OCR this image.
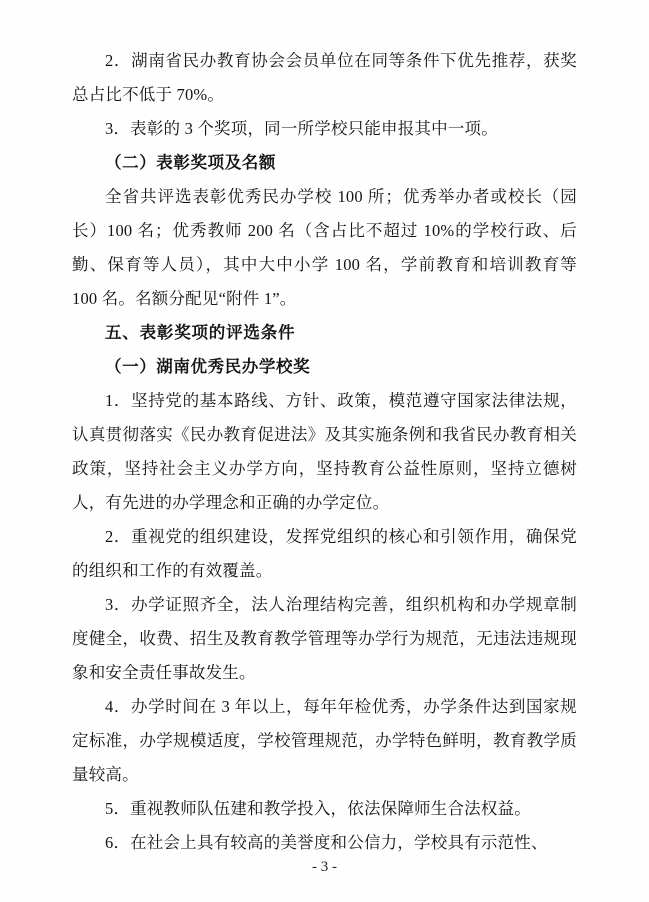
2．湖南省民办教育协会会员单位在同等条件下优先推荐，获奖总占比不低于 70%。

3．表彰的 3 个奖项，同一所学校只能申报其中一项。

（二）表彰奖项及名额

全省共评选表彰优秀民办学校 100 所；优秀举办者或校长（园长）100 名；优秀教师 200 名（含占比不超过 10%的学校行政、后勤、保育等人员），其中大中小学 100 名，学前教育和培训教育等 100 名。名额分配见“附件 1”。

五、表彰奖项的评选条件

（一）湖南优秀民办学校奖

1．坚持党的基本路线、方针、政策，模范遵守国家法律法规，认真贯彻落实《民办教育促进法》及其实施条例和我省民办教育相关政策，坚持社会主义办学方向，坚持教育公益性原则，坚持立德树人，有先进的办学理念和正确的办学定位。

2．重视党的组织建设，发挥党组织的核心和引领作用，确保党的组织和工作的有效覆盖。

3．办学证照齐全，法人治理结构完善，组织机构和办学规章制度健全，收费、招生及教育教学管理等办学行为规范，无违法违规现象和安全责任事故发生。

4．办学时间在 3 年以上，每年年检优秀，办学条件达到国家规定标准，办学规模适度，学校管理规范，办学特色鲜明，教育教学质量较高。

5．重视教师队伍建和教学投入，依法保障师生合法权益。

6．在社会上具有较高的美誉度和公信力，学校具有示范性、

- 3 -
